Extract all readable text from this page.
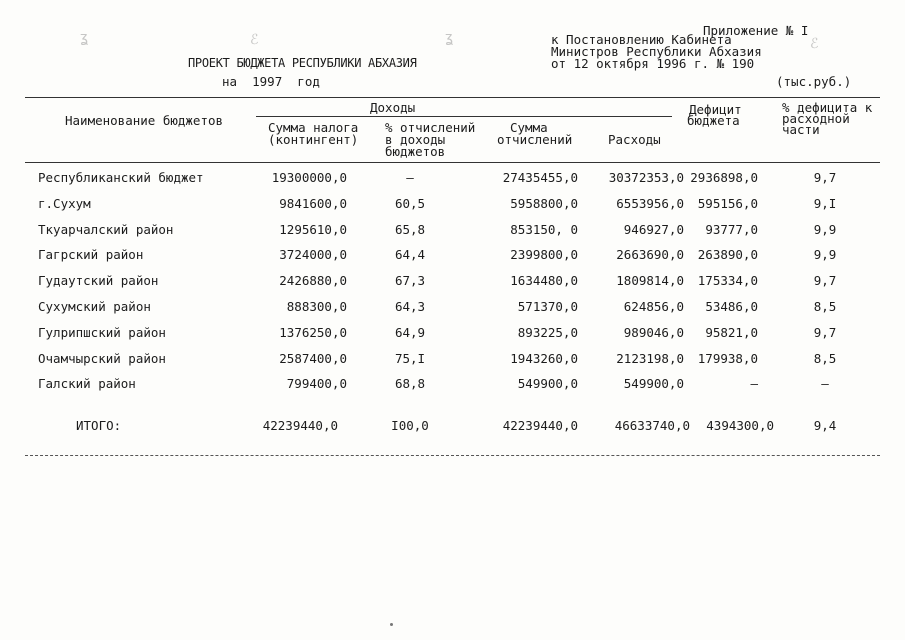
ʓ	ℰ	ʓ	ℰ
Приложение № I
к Постановлению Кабинета
Министров Республики Абхазия
от 12 октября 1996 г. № 190
ПРОЕКТ БЮДЖЕТА РЕСПУБЛИКИ АБХАЗИЯ
на 1997 год	(тыс.руб.)
Наименование бюджетов
Доходы
Сумма налога
(контингент)
% отчислений
в доходы
бюджетов
Сумма
отчислений	Расходы
Дефицит
бюджета
% дефицита к
расходной
части
Республиканский бюджет	19300000,0	–	27435455,0	30372353,0 2936898,0	9,7
г.Сухум	9841600,0	60,5	5958800,0	6553956,0	595156,0	9,I
Ткуарчалский район	1295610,0	65,8	853150, 0	946927,0	93777,0	9,9
Гагрский район	3724000,0	64,4	2399800,0	2663690,0	263890,0	9,9
Гудаутский район	2426880,0	67,3	1634480,0	1809814,0	175334,0	9,7
Сухумский район	888300,0	64,3	571370,0	624856,0	53486,0	8,5
Гулрипшский район	1376250,0	64,9	893225,0	989046,0	95821,0	9,7
Очамчырский район	2587400,0	75,I	1943260,0	2123198,0	179938,0	8,5
Галский район	799400,0	68,8	549900,0	549900,0	–	–
ИТОГО:	42239440,0	I00,0	42239440,0	46633740,0	4394300,0	9,4
